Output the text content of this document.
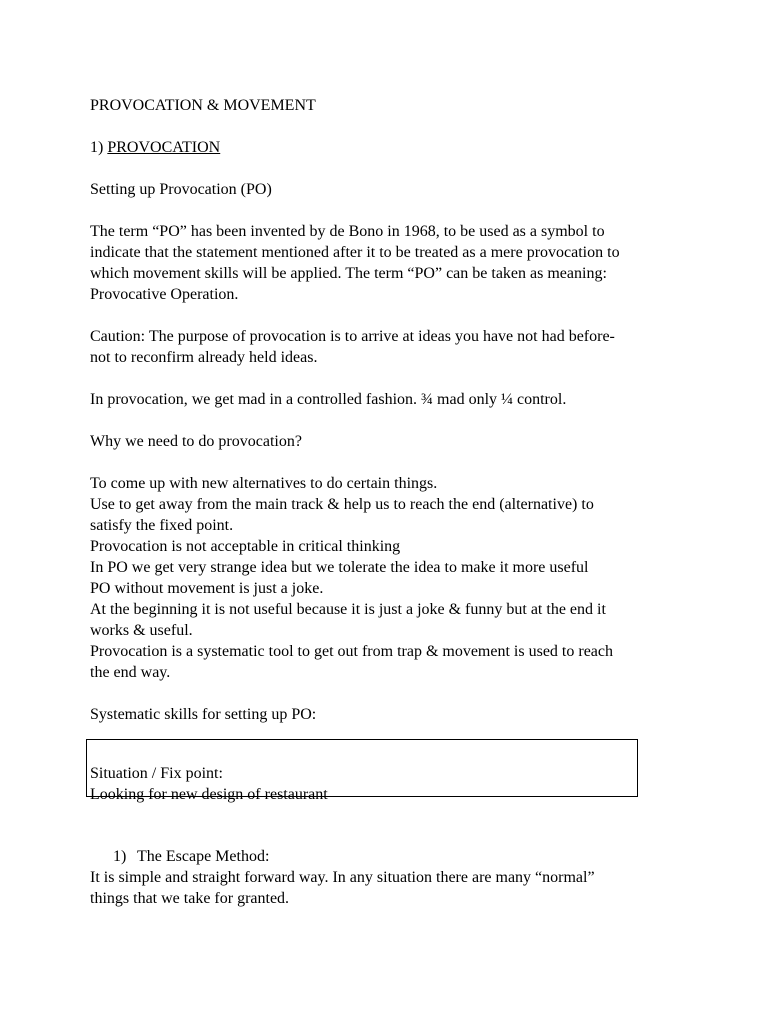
PROVOCATION & MOVEMENT
1) PROVOCATION
Setting up Provocation (PO)
The term “PO” has been invented by de Bono in 1968, to be used as a symbol to
indicate that the statement mentioned after it to be treated as a mere provocation to
which movement skills will be applied. The term “PO” can be taken as meaning:
Provocative Operation.
Caution: The purpose of provocation is to arrive at ideas you have not had before-
not to reconfirm already held ideas.
In provocation, we get mad in a controlled fashion. ¾ mad only ¼ control.
Why we need to do provocation?
To come up with new alternatives to do certain things.
Use to get away from the main track & help us to reach the end (alternative) to
satisfy the fixed point.
Provocation is not acceptable in critical thinking
In PO we get very strange idea but we tolerate the idea to make it more useful
PO without movement is just a joke.
At the beginning it is not useful because it is just a joke & funny but at the end it
works & useful.
Provocation is a systematic tool to get out from trap & movement is used to reach
the end way.
Systematic skills for setting up PO:
Situation / Fix point:
Looking for new design of restaurant
1) The Escape Method:
It is simple and straight forward way. In any situation there are many “normal”
things that we take for granted.
